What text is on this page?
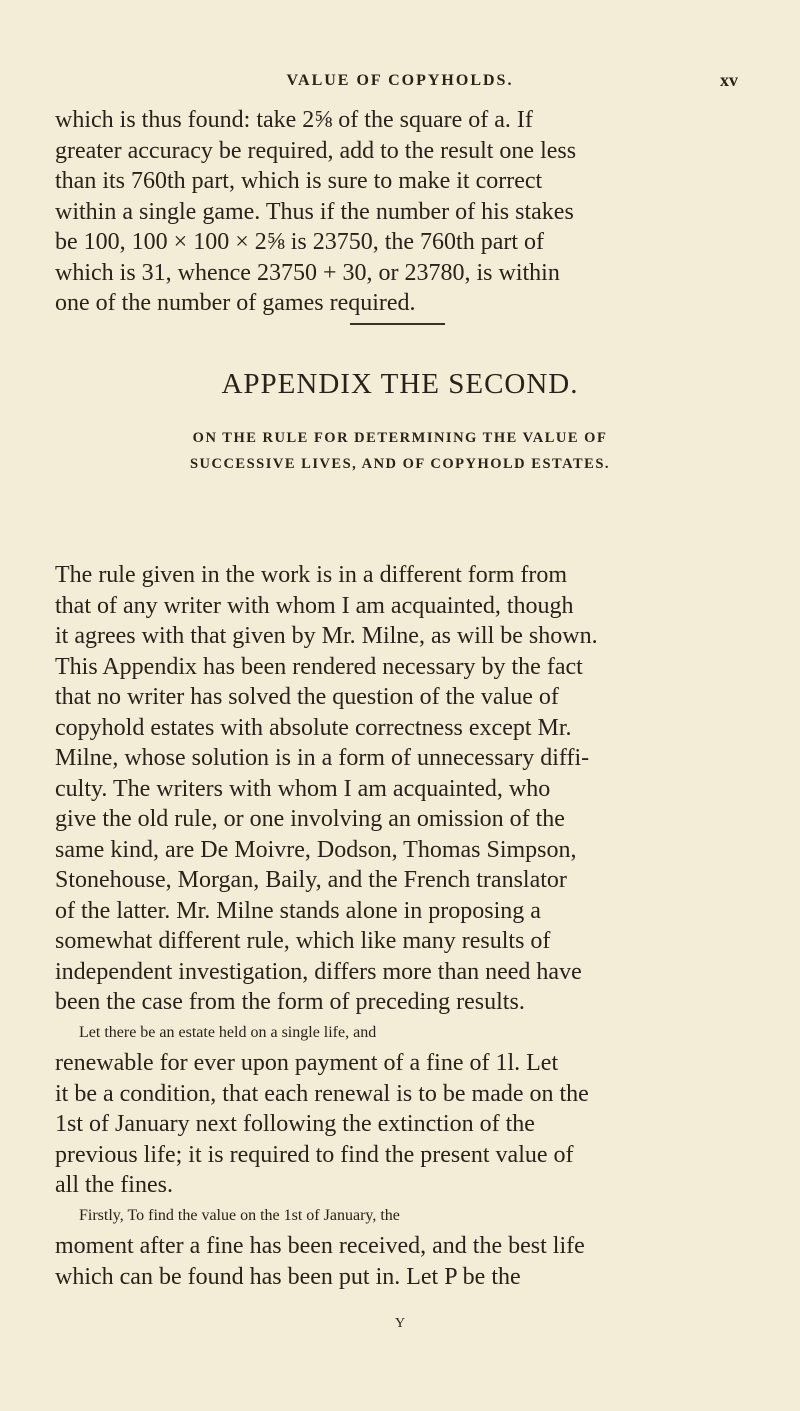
VALUE OF COPYHOLDS.	xv
which is thus found: take 2⅝ of the square of a. If
greater accuracy be required, add to the result one less
than its 760th part, which is sure to make it correct
within a single game. Thus if the number of his stakes
be 100, 100 × 100 × 2⅝ is 23750, the 760th part of
which is 31, whence 23750 + 30, or 23780, is within
one of the number of games required.
APPENDIX THE SECOND.
ON THE RULE FOR DETERMINING THE VALUE OF
SUCCESSIVE LIVES, AND OF COPYHOLD ESTATES.
The rule given in the work is in a different form from
that of any writer with whom I am acquainted, though
it agrees with that given by Mr. Milne, as will be shown.
This Appendix has been rendered necessary by the fact
that no writer has solved the question of the value of
copyhold estates with absolute correctness except Mr.
Milne, whose solution is in a form of unnecessary diffi-
culty. The writers with whom I am acquainted, who
give the old rule, or one involving an omission of the
same kind, are De Moivre, Dodson, Thomas Simpson,
Stonehouse, Morgan, Baily, and the French translator
of the latter. Mr. Milne stands alone in proposing a
somewhat different rule, which like many results of
independent investigation, differs more than need have
been the case from the form of preceding results.
Let there be an estate held on a single life, and
renewable for ever upon payment of a fine of 1l. Let
it be a condition, that each renewal is to be made on the
1st of January next following the extinction of the
previous life; it is required to find the present value of
all the fines.
Firstly, To find the value on the 1st of January, the
moment after a fine has been received, and the best life
which can be found has been put in. Let P be the
Y
